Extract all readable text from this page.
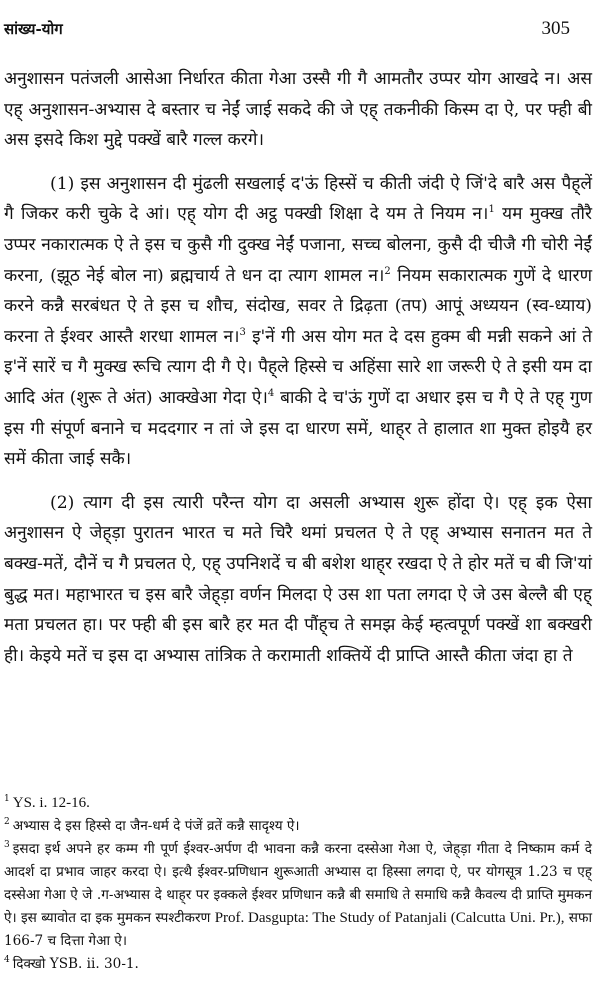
सांख्य-योग	305

अनुशासन पतंजली आसेआ निर्धारत कीता गेआ उस्सै गी गै आमतौर उप्पर योग आखदे न। अस एह् अनुशासन-अभ्यास दे बस्तार च नेईं जाई सकदे की जे एह् तकनीकी किस्म दा ऐ, पर फ्ही बी अस इसदे किश मुद्दे पक्खें बारै गल्ल करगे।

(1) इस अनुशासन दी मुंढली सखलाई द'ऊं हिस्सें च कीती जंदी ऐ जिं'दे बारै अस पैह्‌लें गै जिकर करी चुके दे आं। एह् योग दी अट्ठ पक्खी शिक्षा दे यम ते नियम न।$^1$ यम मुक्ख तौरै उप्पर नकारात्मक ऐ ते इस च कुसै गी दुक्ख नेईं पजाना, सच्च बोलना, कुसै दी चीजै गी चोरी नेईं करना, (झूठ नेई बोल ना) ब्रह्मचार्य ते धन दा त्याग शामल न।$^2$ नियम सकारात्मक गुणें दे धारण करने कन्नै सरबंधत ऐ ते इस च शौच, संदोख, सवर ते द्रिढ़ता (तप) आपूं अध्ययन (स्व-ध्याय) करना ते ईश्वर आस्तै शरधा शामल न।$^3$ इ'नें गी अस योग मत दे दस हुक्म बी मन्नी सकने आं ते इ'नें सारें च गै मुक्ख रूचि त्याग दी गै ऐ। पैह्‌ले हिस्से च अहिंसा सारे शा जरूरी ऐ ते इसी यम दा आदि अंत (शुरू ते अंत) आक्खेआ गेदा ऐ।$^4$ बाकी दे च'ऊं गुणें दा अधार इस च गै ऐ ते एह् गुण इस गी संपूर्ण बनाने च मददगार न तां जे इस दा धारण समें, थाह्‌र ते हालात शा मुक्त होइयै हर समें कीता जाई सकै।

(2) त्याग दी इस त्यारी परैन्त योग दा असली अभ्यास शुरू होंदा ऐ। एह् इक ऐसा अनुशासन ऐ जेह्‌ड़ा पुरातन भारत च मते चिरै थमां प्रचलत ऐ ते एह् अभ्यास सनातन मत ते बक्ख-मतें, दौनें च गै प्रचलत ऐ, एह् उपनिशदें च बी बशेश थाह्‌र रखदा ऐ ते होर मतें च बी जि'यां बुद्ध मत। महाभारत च इस बारै जेह्‌ड़ा वर्णन मिलदा ऐ उस शा पता लगदा ऐ जे उस बेल्लै बी एह् मता प्रचलत हा। पर फ्ही बी इस बारै हर मत दी पौंह्‌च ते समझ केई म्हत्वपूर्ण पक्खें शा बक्खरी ही। केइये मतें च इस दा अभ्यास तांत्रिक ते करामाती शक्तियें दी प्राप्ति आस्तै कीता जंदा हा ते

$^1$ YS. i. 12-16.

$^2$ अभ्यास दे इस हिस्से दा जैन-धर्म दे पंजें व्रतें कन्नै सादृश्य ऐ।

$^3$ इसदा इर्थ अपने हर कम्म गी पूर्ण ईश्वर-अर्पण दी भावना कन्नै करना दस्सेआ गेआ ऐ, जेह्‌ड़ा गीता दे निष्काम कर्म दे आदर्श दा प्रभाव जाहर करदा ऐ। इत्थै ईश्वर-प्रणिधान शुरूआती अभ्यास दा हिस्सा लगदा ऐ, पर योगसूत्र 1.23 च एह् दस्सेआ गेआ ऐ जे .ग-अभ्यास दे थाह्‌र पर इक्कले ईश्वर प्रणिधान कन्नै बी समाधि ते समाधि कन्नै कैवल्य दी प्राप्ति मुमकन ऐ। इस ब्यावोत दा इक मुमकन स्पश्टीकरण Prof. Dasgupta: The Study of Patanjali (Calcutta Uni. Pr.), सफा 166-7 च दित्ता गेआ ऐ।

$^4$ दिक्खो YSB. ii. 30-1.
